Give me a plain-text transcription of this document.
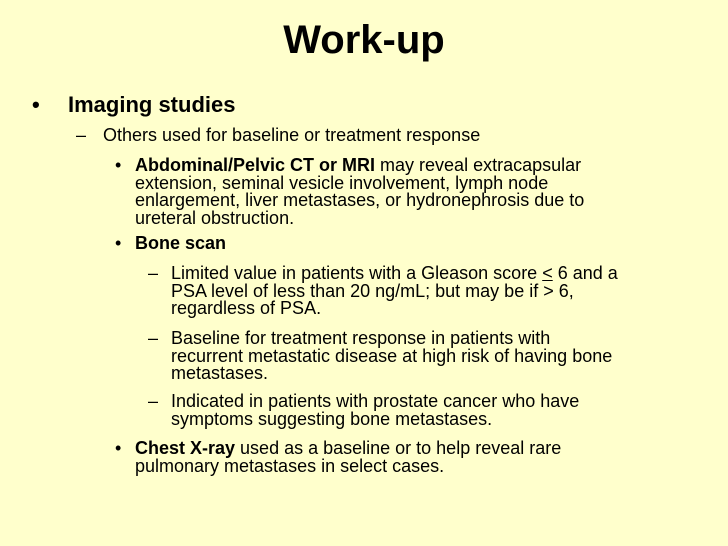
Work-up
• Imaging studies
– Others used for baseline or treatment response
• Abdominal/Pelvic CT or MRI may reveal extracapsular
extension, seminal vesicle involvement, lymph node
enlargement, liver metastases, or hydronephrosis due to
ureteral obstruction.
• Bone scan
– Limited value in patients with a Gleason score ≤ 6 and a
PSA level of less than 20 ng/mL; but may be if > 6,
regardless of PSA.
– Baseline for treatment response in patients with
recurrent metastatic disease at high risk of having bone
metastases.
– Indicated in patients with prostate cancer who have
symptoms suggesting bone metastases.
• Chest X-ray used as a baseline or to help reveal rare
pulmonary metastases in select cases.
